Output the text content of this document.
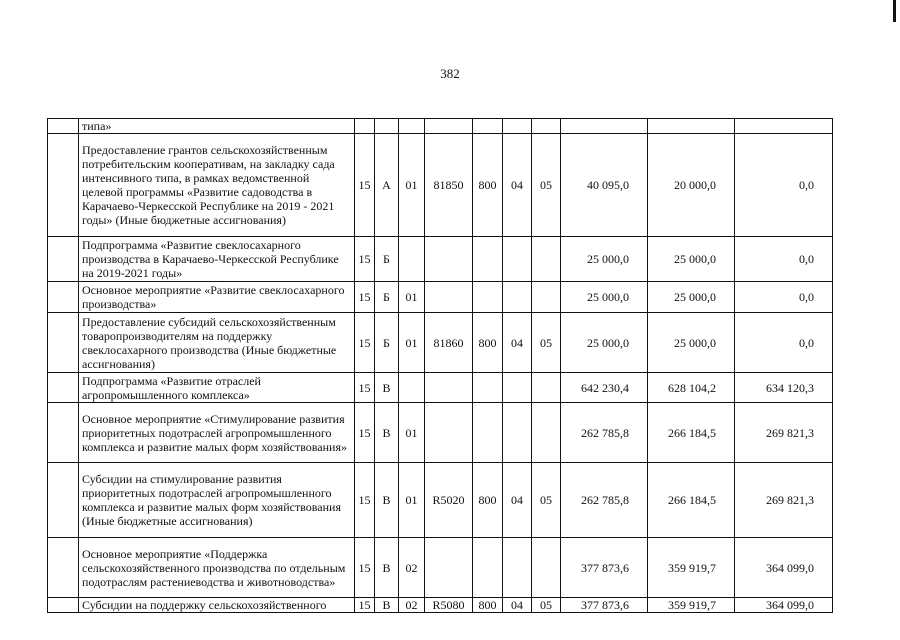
382
	типа»										
	Предоставление грантов сельскохозяйственным потребительским кооперативам, на закладку сада интенсивного типа, в рамках ведомственной целевой программы «Развитие садоводства в Карачаево-Черкесской Республике на 2019 - 2021 годы» (Иные бюджетные ассигнования)	15	А	01	81850	800	04	05	40 095,0	20 000,0	0,0
	Подпрограмма «Развитие свеклосахарного производства в Карачаево-Черкесской Республике на 2019-2021 годы»	15	Б						25 000,0	25 000,0	0,0
	Основное мероприятие «Развитие свеклосахарного производства»	15	Б	01					25 000,0	25 000,0	0,0
	Предоставление субсидий сельскохозяйственным товаропроизводителям на поддержку свеклосахарного производства (Иные бюджетные ассигнования)	15	Б	01	81860	800	04	05	25 000,0	25 000,0	0,0
	Подпрограмма «Развитие отраслей агропромышленного комплекса»	15	В						642 230,4	628 104,2	634 120,3
	Основное мероприятие «Стимулирование развития приоритетных подотраслей агропромышленного комплекса и развитие малых форм хозяйствования»	15	В	01					262 785,8	266 184,5	269 821,3
	Субсидии на стимулирование развития приоритетных подотраслей агропромышленного комплекса и развитие малых форм хозяйствования (Иные бюджетные ассигнования)	15	В	01	R5020	800	04	05	262 785,8	266 184,5	269 821,3
	Основное мероприятие «Поддержка сельскохозяйственного производства по отдельным подотраслям растениеводства и животноводства»	15	В	02					377 873,6	359 919,7	364 099,0
	Субсидии на поддержку сельскохозяйственного	15	В	02	R5080	800	04	05	377 873,6	359 919,7	364 099,0
